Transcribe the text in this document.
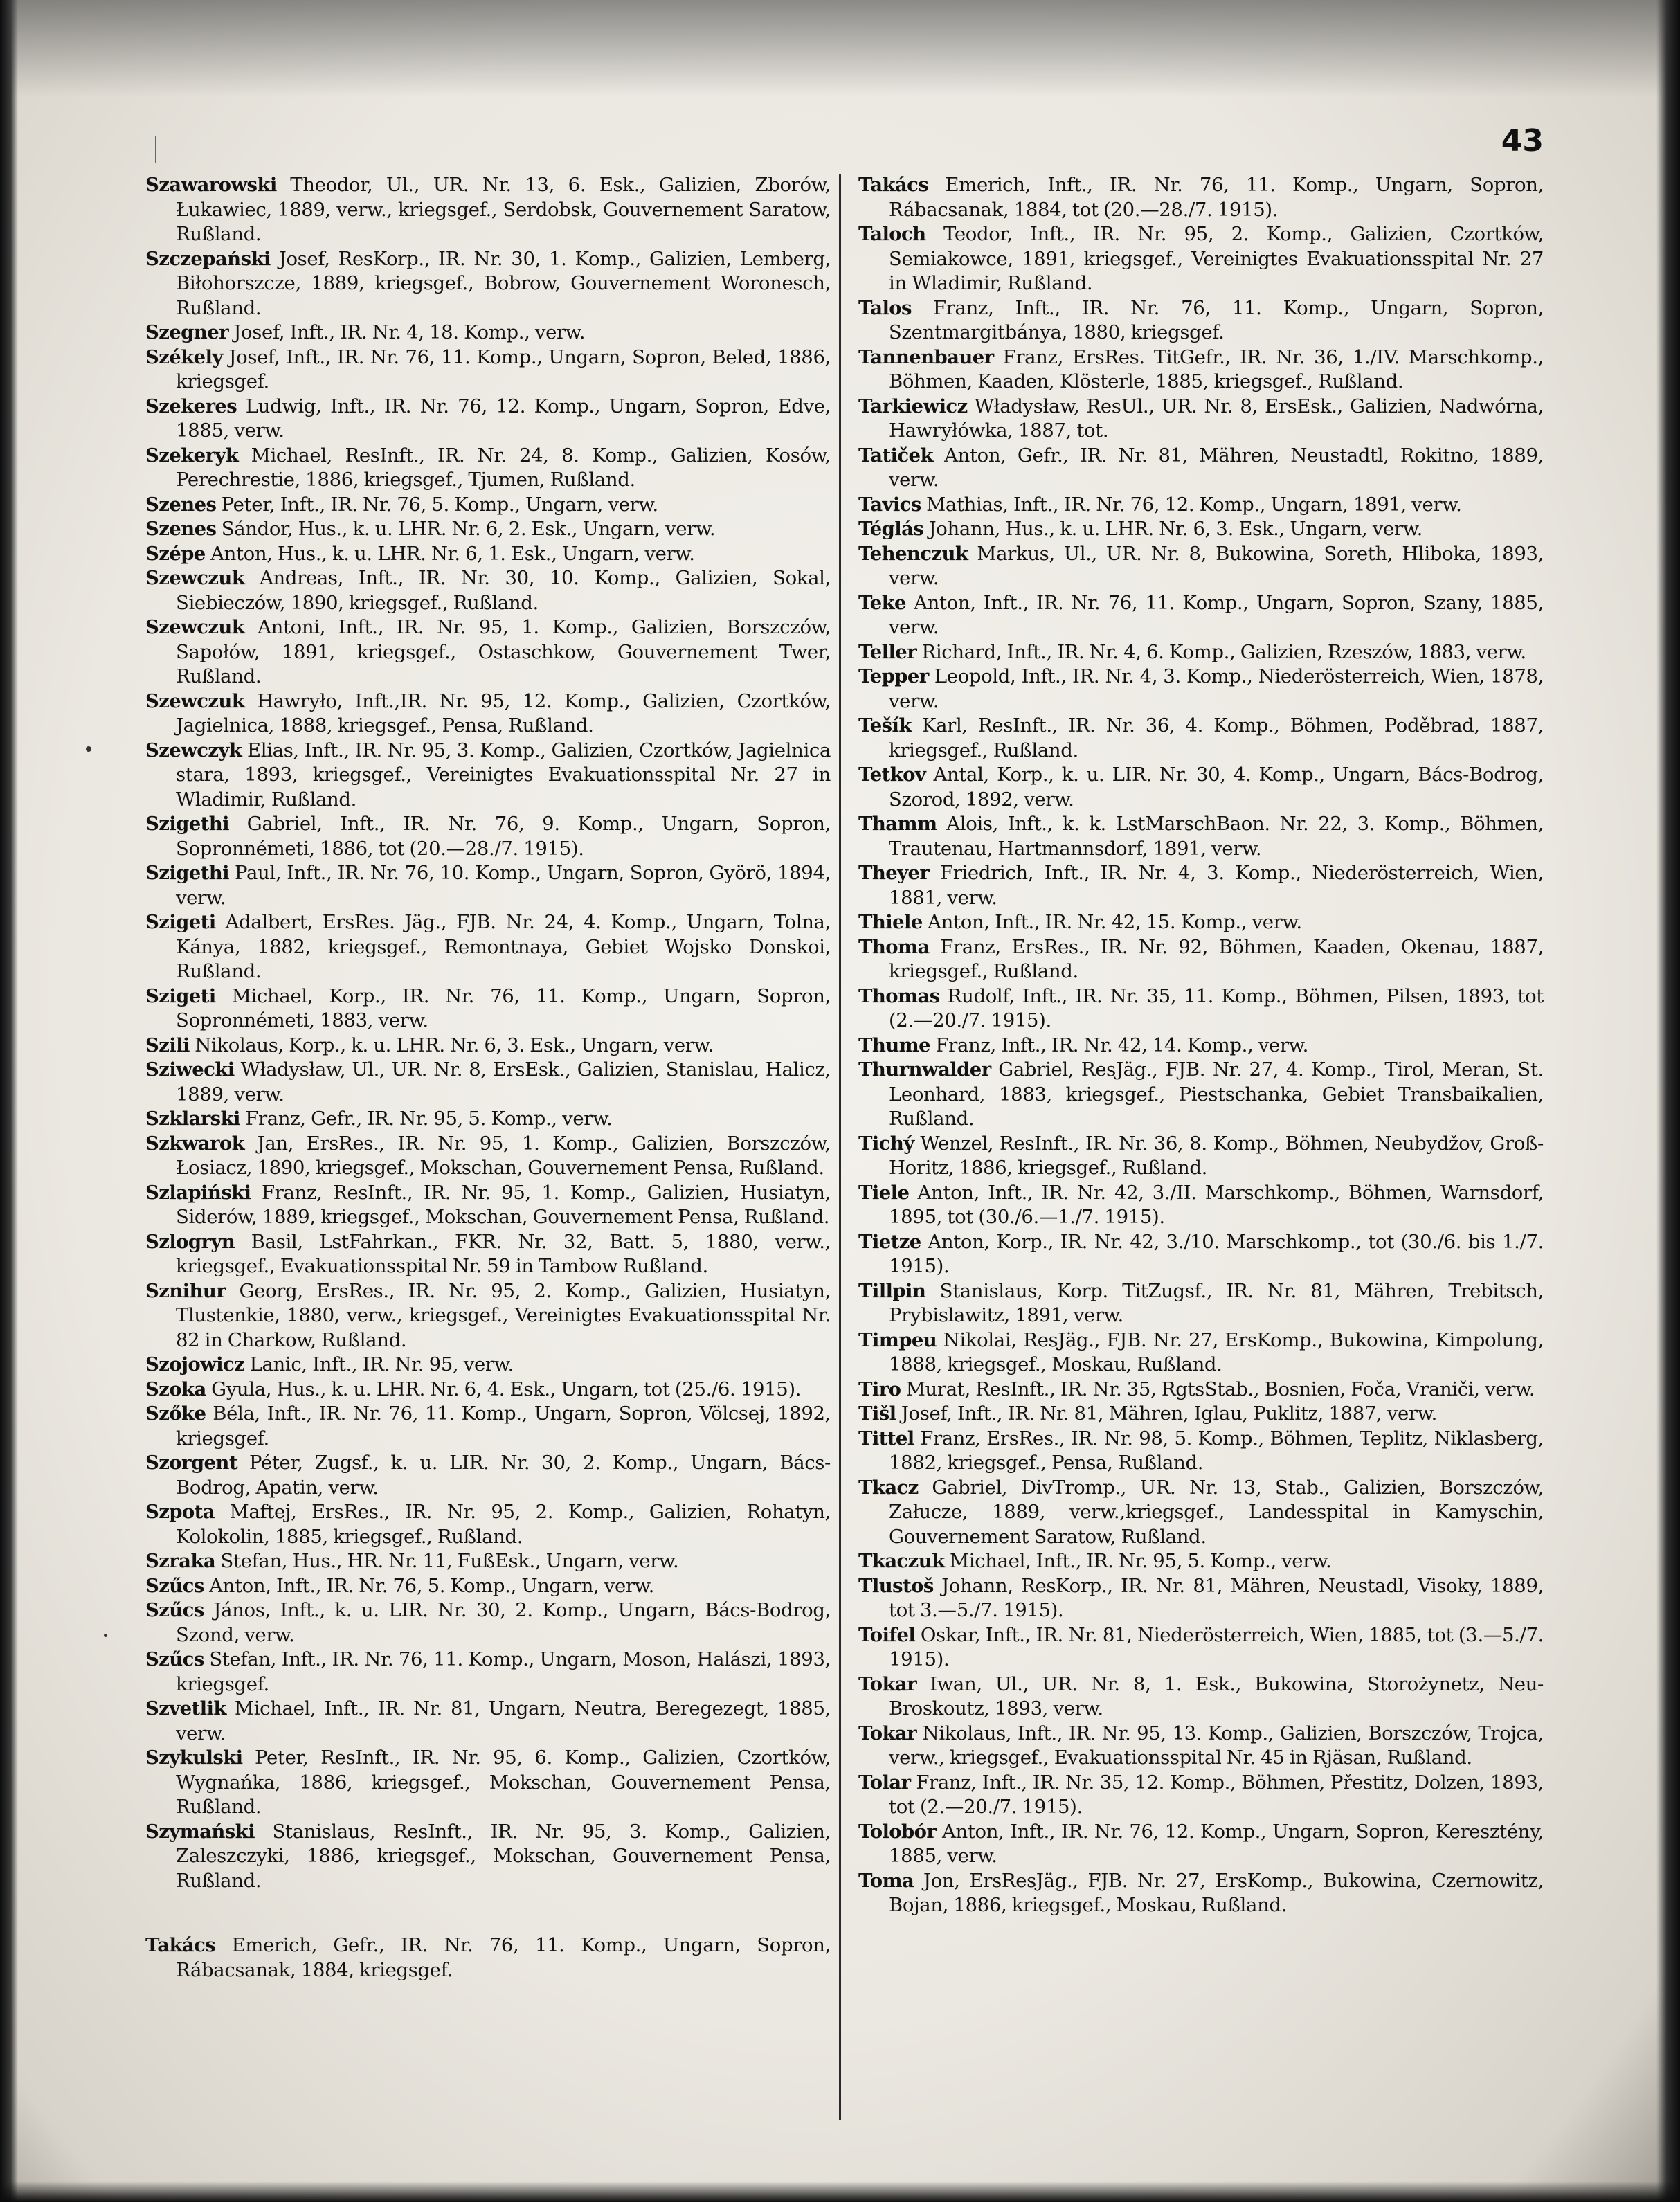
43

Szawarowski Theodor, Ul., UR. Nr. 13, 6. Esk., Galizien, Zborów, Łukawiec, 1889, verw., kriegsgef., Serdobsk, Gouvernement Saratow, Rußland.

Szczepański Josef, ResKorp., IR. Nr. 30, 1. Komp., Galizien, Lemberg, Biłohorszcze, 1889, kriegsgef., Bobrow, Gouvernement Woronesch, Rußland.

Szegner Josef, Inft., IR. Nr. 4, 18. Komp., verw.

Székely Josef, Inft., IR. Nr. 76, 11. Komp., Ungarn, Sopron, Beled, 1886, kriegsgef.

Szekeres Ludwig, Inft., IR. Nr. 76, 12. Komp., Ungarn, Sopron, Edve, 1885, verw.

Szekeryk Michael, ResInft., IR. Nr. 24, 8. Komp., Galizien, Kosów, Perechrestie, 1886, kriegsgef., Tjumen, Rußland.

Szenes Peter, Inft., IR. Nr. 76, 5. Komp., Ungarn, verw.

Szenes Sándor, Hus., k. u. LHR. Nr. 6, 2. Esk., Ungarn, verw.

Szépe Anton, Hus., k. u. LHR. Nr. 6, 1. Esk., Ungarn, verw.

Szewczuk Andreas, Inft., IR. Nr. 30, 10. Komp., Galizien, Sokal, Siebieczów, 1890, kriegsgef., Rußland.

Szewczuk Antoni, Inft., IR. Nr. 95, 1. Komp., Galizien, Borszczów, Sapołów, 1891, kriegsgef., Ostaschkow, Gouvernement Twer, Rußland.

Szewczuk Hawryło, Inft.,IR. Nr. 95, 12. Komp., Galizien, Czortków, Jagielnica, 1888, kriegsgef., Pensa, Rußland.

Szewczyk Elias, Inft., IR. Nr. 95, 3. Komp., Galizien, Czortków, Jagielnica stara, 1893, kriegsgef., Vereinigtes Evakuationsspital Nr. 27 in Wladimir, Rußland.

Szigethi Gabriel, Inft., IR. Nr. 76, 9. Komp., Ungarn, Sopron, Sopronnémeti, 1886, tot (20.—28./7. 1915).

Szigethi Paul, Inft., IR. Nr. 76, 10. Komp., Ungarn, Sopron, Györö, 1894, verw.

Szigeti Adalbert, ErsRes. Jäg., FJB. Nr. 24, 4. Komp., Ungarn, Tolna, Kánya, 1882, kriegsgef., Remontnaya, Gebiet Wojsko Donskoi, Rußland.

Szigeti Michael, Korp., IR. Nr. 76, 11. Komp., Ungarn, Sopron, Sopronnémeti, 1883, verw.

Szili Nikolaus, Korp., k. u. LHR. Nr. 6, 3. Esk., Ungarn, verw.

Sziwecki Władysław, Ul., UR. Nr. 8, ErsEsk., Galizien, Stanislau, Halicz, 1889, verw.

Szklarski Franz, Gefr., IR. Nr. 95, 5. Komp., verw.

Szkwarok Jan, ErsRes., IR. Nr. 95, 1. Komp., Galizien, Borszczów, Łosiacz, 1890, kriegsgef., Mokschan, Gouvernement Pensa, Rußland.

Szlapiński Franz, ResInft., IR. Nr. 95, 1. Komp., Galizien, Husiatyn, Siderów, 1889, kriegsgef., Mokschan, Gouvernement Pensa, Rußland.

Szlogryn Basil, LstFahrkan., FKR. Nr. 32, Batt. 5, 1880, verw., kriegsgef., Evakuationsspital Nr. 59 in Tambow Rußland.

Sznihur Georg, ErsRes., IR. Nr. 95, 2. Komp., Galizien, Husiatyn, Tlustenkie, 1880, verw., kriegsgef., Vereinigtes Evakuationsspital Nr. 82 in Charkow, Rußland.

Szojowicz Lanic, Inft., IR. Nr. 95, verw.

Szoka Gyula, Hus., k. u. LHR. Nr. 6, 4. Esk., Ungarn, tot (25./6. 1915).

Szőke Béla, Inft., IR. Nr. 76, 11. Komp., Ungarn, Sopron, Völcsej, 1892, kriegsgef.

Szorgent Péter, Zugsf., k. u. LIR. Nr. 30, 2. Komp., Ungarn, Bács-Bodrog, Apatin, verw.

Szpota Maftej, ErsRes., IR. Nr. 95, 2. Komp., Galizien, Rohatyn, Kolokolin, 1885, kriegsgef., Rußland.

Szraka Stefan, Hus., HR. Nr. 11, FußEsk., Ungarn, verw.

Szűcs Anton, Inft., IR. Nr. 76, 5. Komp., Ungarn, verw.

Szűcs János, Inft., k. u. LIR. Nr. 30, 2. Komp., Ungarn, Bács-Bodrog, Szond, verw.

Szűcs Stefan, Inft., IR. Nr. 76, 11. Komp., Ungarn, Moson, Halászi, 1893, kriegsgef.

Szvetlik Michael, Inft., IR. Nr. 81, Ungarn, Neutra, Beregezegt, 1885, verw.

Szykulski Peter, ResInft., IR. Nr. 95, 6. Komp., Galizien, Czortków, Wygnańka, 1886, kriegsgef., Mokschan, Gouvernement Pensa, Rußland.

Szymański Stanislaus, ResInft., IR. Nr. 95, 3. Komp., Galizien, Zaleszczyki, 1886, kriegsgef., Mokschan, Gouvernement Pensa, Rußland.

Takács Emerich, Gefr., IR. Nr. 76, 11. Komp., Ungarn, Sopron, Rábacsanak, 1884, kriegsgef.

Takács Emerich, Inft., IR. Nr. 76, 11. Komp., Ungarn, Sopron, Rábacsanak, 1884, tot (20.—28./7. 1915).

Taloch Teodor, Inft., IR. Nr. 95, 2. Komp., Galizien, Czortków, Semiakowce, 1891, kriegsgef., Vereinigtes Evakuationsspital Nr. 27 in Wladimir, Rußland.

Talos Franz, Inft., IR. Nr. 76, 11. Komp., Ungarn, Sopron, Szentmargitbánya, 1880, kriegsgef.

Tannenbauer Franz, ErsRes. TitGefr., IR. Nr. 36, 1./IV. Marschkomp., Böhmen, Kaaden, Klösterle, 1885, kriegsgef., Rußland.

Tarkiewicz Władysław, ResUl., UR. Nr. 8, ErsEsk., Galizien, Nadwórna, Hawryłówka, 1887, tot.

Tatiček Anton, Gefr., IR. Nr. 81, Mähren, Neustadtl, Rokitno, 1889, verw.

Tavics Mathias, Inft., IR. Nr. 76, 12. Komp., Ungarn, 1891, verw.

Téglás Johann, Hus., k. u. LHR. Nr. 6, 3. Esk., Ungarn, verw.

Tehenczuk Markus, Ul., UR. Nr. 8, Bukowina, Soreth, Hliboka, 1893, verw.

Teke Anton, Inft., IR. Nr. 76, 11. Komp., Ungarn, Sopron, Szany, 1885, verw.

Teller Richard, Inft., IR. Nr. 4, 6. Komp., Galizien, Rzeszów, 1883, verw.

Tepper Leopold, Inft., IR. Nr. 4, 3. Komp., Niederösterreich, Wien, 1878, verw.

Tešík Karl, ResInft., IR. Nr. 36, 4. Komp., Böhmen, Poděbrad, 1887, kriegsgef., Rußland.

Tetkov Antal, Korp., k. u. LIR. Nr. 30, 4. Komp., Ungarn, Bács-Bodrog, Szorod, 1892, verw.

Thamm Alois, Inft., k. k. LstMarschBaon. Nr. 22, 3. Komp., Böhmen, Trautenau, Hartmannsdorf, 1891, verw.

Theyer Friedrich, Inft., IR. Nr. 4, 3. Komp., Niederösterreich, Wien, 1881, verw.

Thiele Anton, Inft., IR. Nr. 42, 15. Komp., verw.

Thoma Franz, ErsRes., IR. Nr. 92, Böhmen, Kaaden, Okenau, 1887, kriegsgef., Rußland.

Thomas Rudolf, Inft., IR. Nr. 35, 11. Komp., Böhmen, Pilsen, 1893, tot (2.—20./7. 1915).

Thume Franz, Inft., IR. Nr. 42, 14. Komp., verw.

Thurnwalder Gabriel, ResJäg., FJB. Nr. 27, 4. Komp., Tirol, Meran, St. Leonhard, 1883, kriegsgef., Piestschanka, Gebiet Transbaikalien, Rußland.

Tichý Wenzel, ResInft., IR. Nr. 36, 8. Komp., Böhmen, Neubydžov, Groß-Horitz, 1886, kriegsgef., Rußland.

Tiele Anton, Inft., IR. Nr. 42, 3./II. Marschkomp., Böhmen, Warnsdorf, 1895, tot (30./6.—1./7. 1915).

Tietze Anton, Korp., IR. Nr. 42, 3./10. Marschkomp., tot (30./6. bis 1./7. 1915).

Tillpin Stanislaus, Korp. TitZugsf., IR. Nr. 81, Mähren, Trebitsch, Prybislawitz, 1891, verw.

Timpeu Nikolai, ResJäg., FJB. Nr. 27, ErsKomp., Bukowina, Kimpolung, 1888, kriegsgef., Moskau, Rußland.

Tiro Murat, ResInft., IR. Nr. 35, RgtsStab., Bosnien, Foča, Vraniči, verw.

Tišl Josef, Inft., IR. Nr. 81, Mähren, Iglau, Puklitz, 1887, verw.

Tittel Franz, ErsRes., IR. Nr. 98, 5. Komp., Böhmen, Teplitz, Niklasberg, 1882, kriegsgef., Pensa, Rußland.

Tkacz Gabriel, DivTromp., UR. Nr. 13, Stab., Galizien, Borszczów, Załucze, 1889, verw.,kriegsgef., Landesspital in Kamyschin, Gouvernement Saratow, Rußland.

Tkaczuk Michael, Inft., IR. Nr. 95, 5. Komp., verw.

Tlustoš Johann, ResKorp., IR. Nr. 81, Mähren, Neustadl, Visoky, 1889, tot 3.—5./7. 1915).

Toifel Oskar, Inft., IR. Nr. 81, Niederösterreich, Wien, 1885, tot (3.—5./7. 1915).

Tokar Iwan, Ul., UR. Nr. 8, 1. Esk., Bukowina, Storożynetz, Neu-Broskoutz, 1893, verw.

Tokar Nikolaus, Inft., IR. Nr. 95, 13. Komp., Galizien, Borszczów, Trojca, verw., kriegsgef., Evakuationsspital Nr. 45 in Rjäsan, Rußland.

Tolar Franz, Inft., IR. Nr. 35, 12. Komp., Böhmen, Přestitz, Dolzen, 1893, tot (2.—20./7. 1915).

Tolobór Anton, Inft., IR. Nr. 76, 12. Komp., Ungarn, Sopron, Keresztény, 1885, verw.

Toma Jon, ErsResJäg., FJB. Nr. 27, ErsKomp., Bukowina, Czernowitz, Bojan, 1886, kriegsgef., Moskau, Rußland.
